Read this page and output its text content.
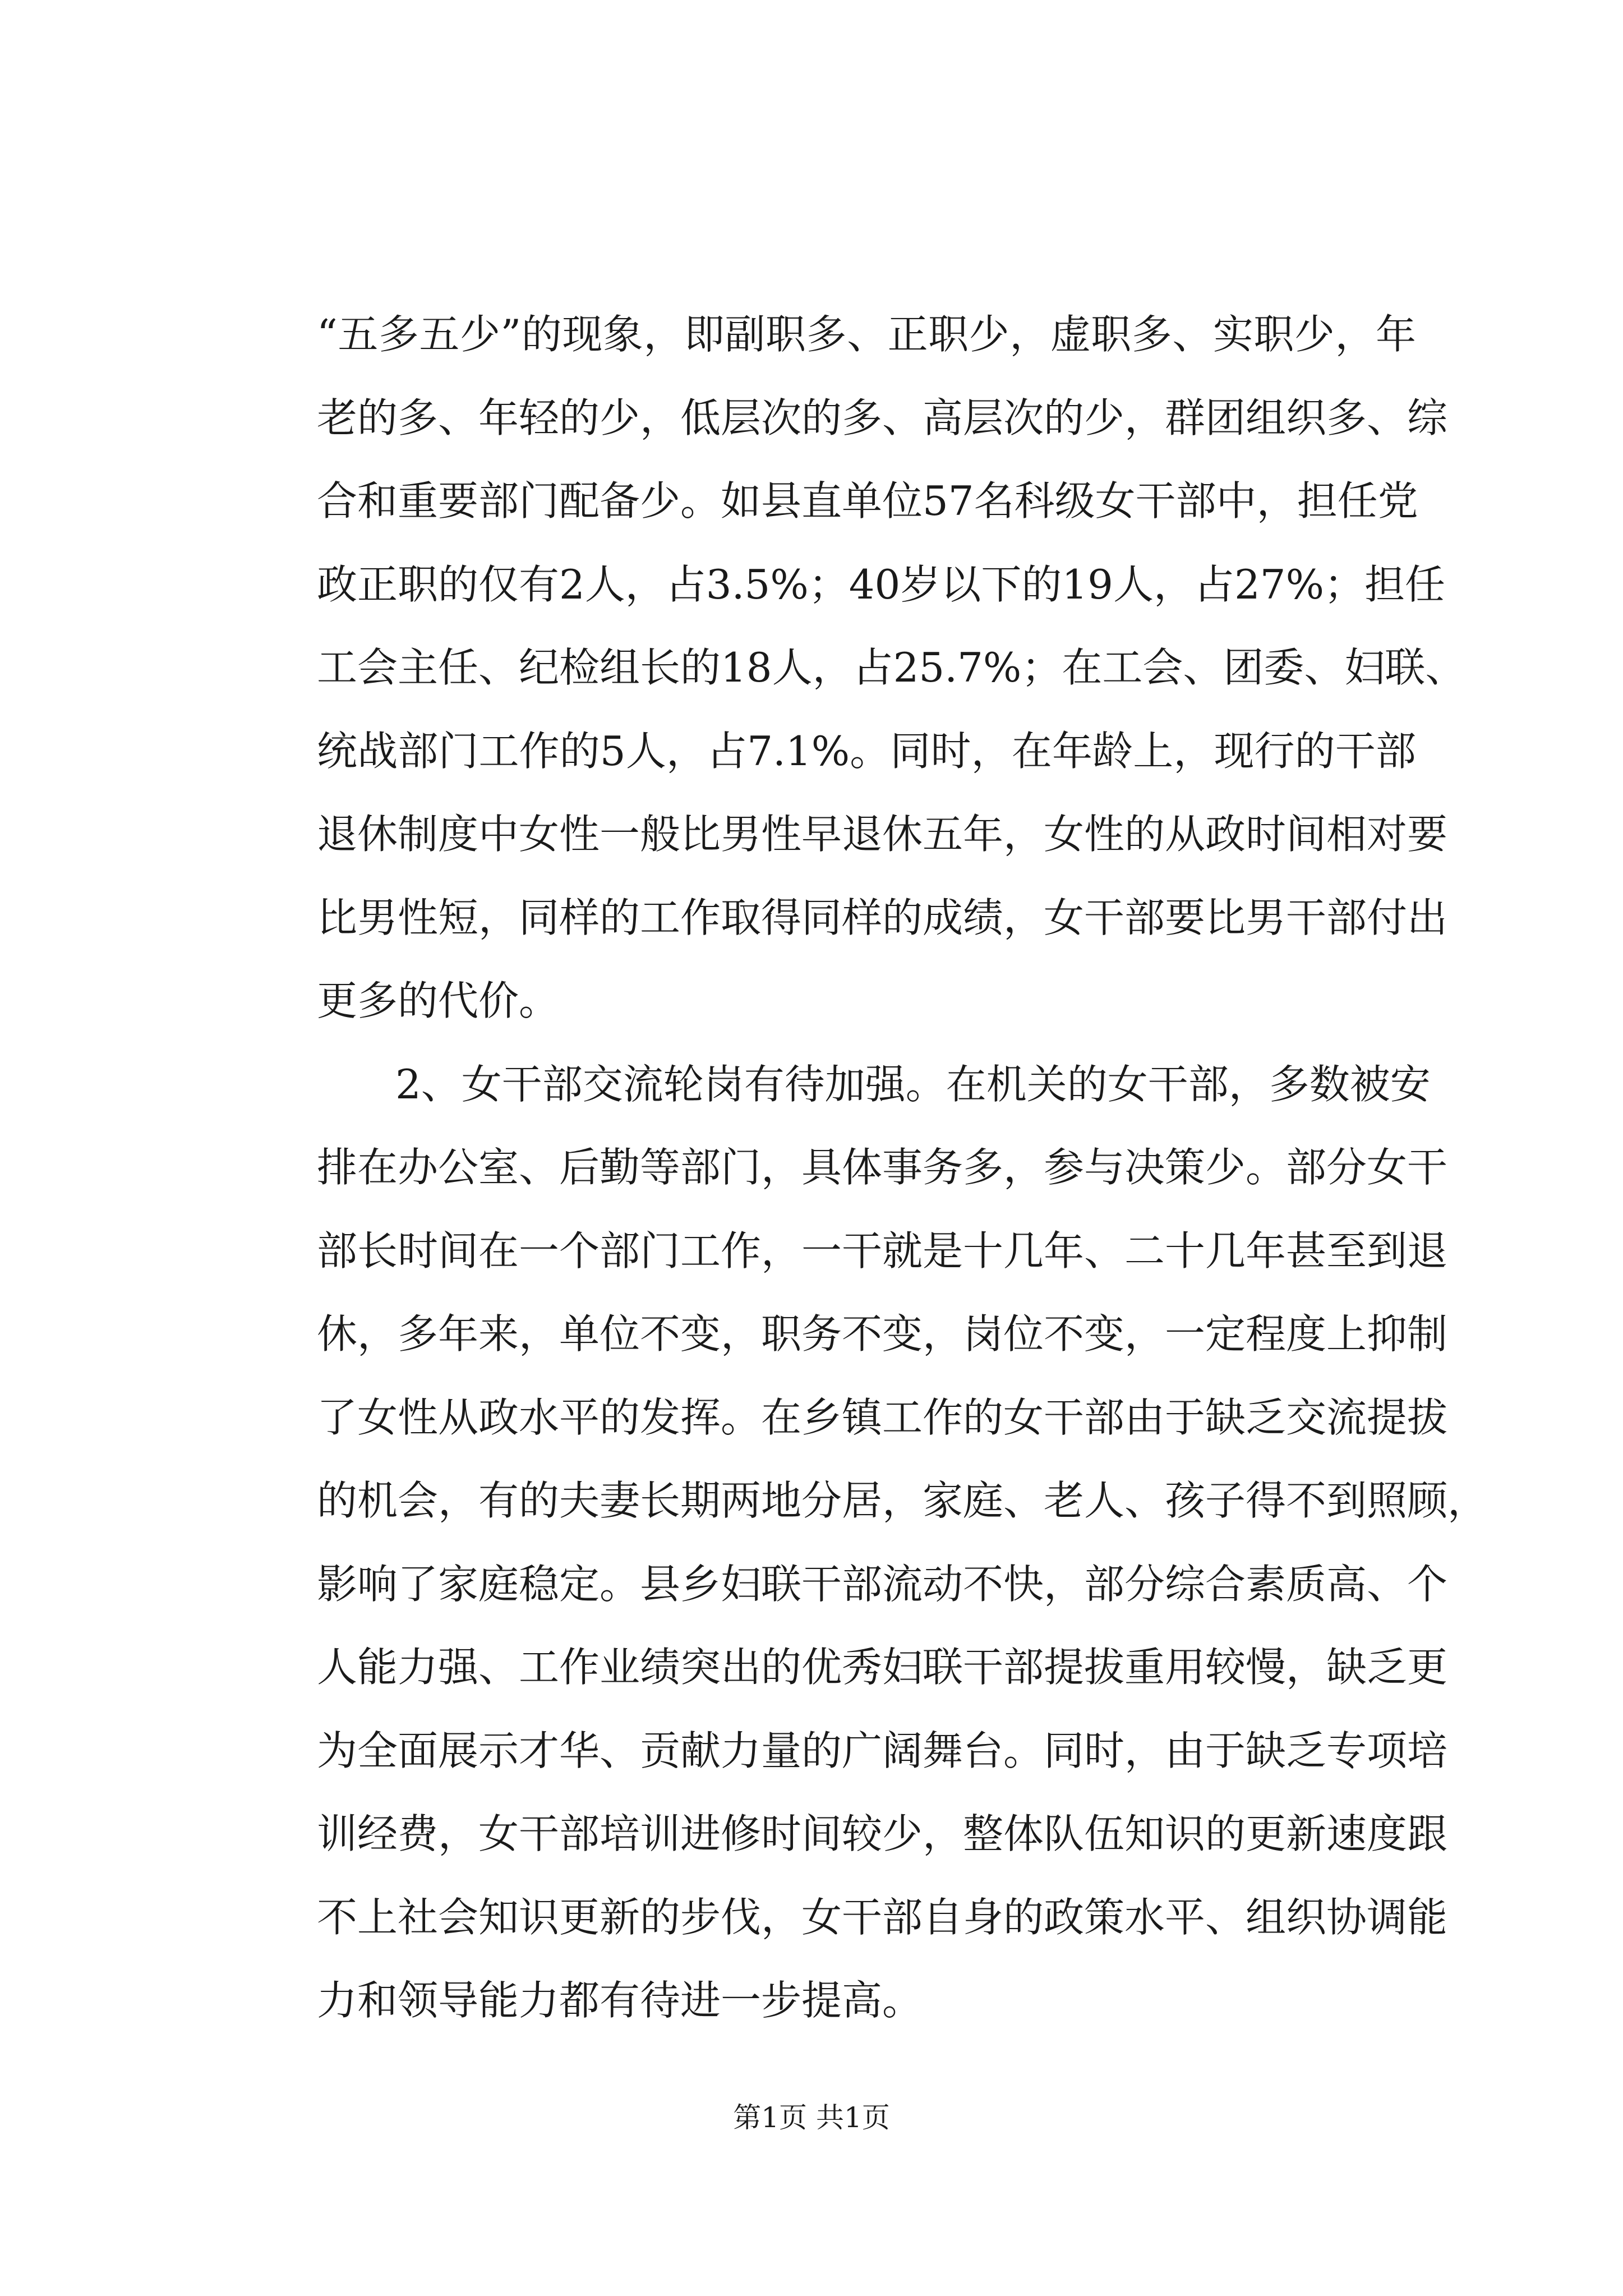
“五多五少”的现象，即副职多、正职少，虚职多、实职少，年
老的多、年轻的少，低层次的多、高层次的少，群团组织多、综
合和重要部门配备少。如县直单位57名科级女干部中，担任党
政正职的仅有2人，占3.5%；40岁以下的19人，占27%；担任
工会主任、纪检组长的18人，占25.7%；在工会、团委、妇联、
统战部门工作的5人，占7.1%。同时，在年龄上，现行的干部
退休制度中女性一般比男性早退休五年，女性的从政时间相对要
比男性短，同样的工作取得同样的成绩，女干部要比男干部付出
更多的代价。
2、女干部交流轮岗有待加强。在机关的女干部，多数被安
排在办公室、后勤等部门，具体事务多，参与决策少。部分女干
部长时间在一个部门工作，一干就是十几年、二十几年甚至到退
休，多年来，单位不变，职务不变，岗位不变，一定程度上抑制
了女性从政水平的发挥。在乡镇工作的女干部由于缺乏交流提拔
的机会，有的夫妻长期两地分居，家庭、老人、孩子得不到照顾，
影响了家庭稳定。县乡妇联干部流动不快，部分综合素质高、个
人能力强、工作业绩突出的优秀妇联干部提拔重用较慢，缺乏更
为全面展示才华、贡献力量的广阔舞台。同时，由于缺乏专项培
训经费，女干部培训进修时间较少，整体队伍知识的更新速度跟
不上社会知识更新的步伐，女干部自身的政策水平、组织协调能
力和领导能力都有待进一步提高。
第1页 共1页
